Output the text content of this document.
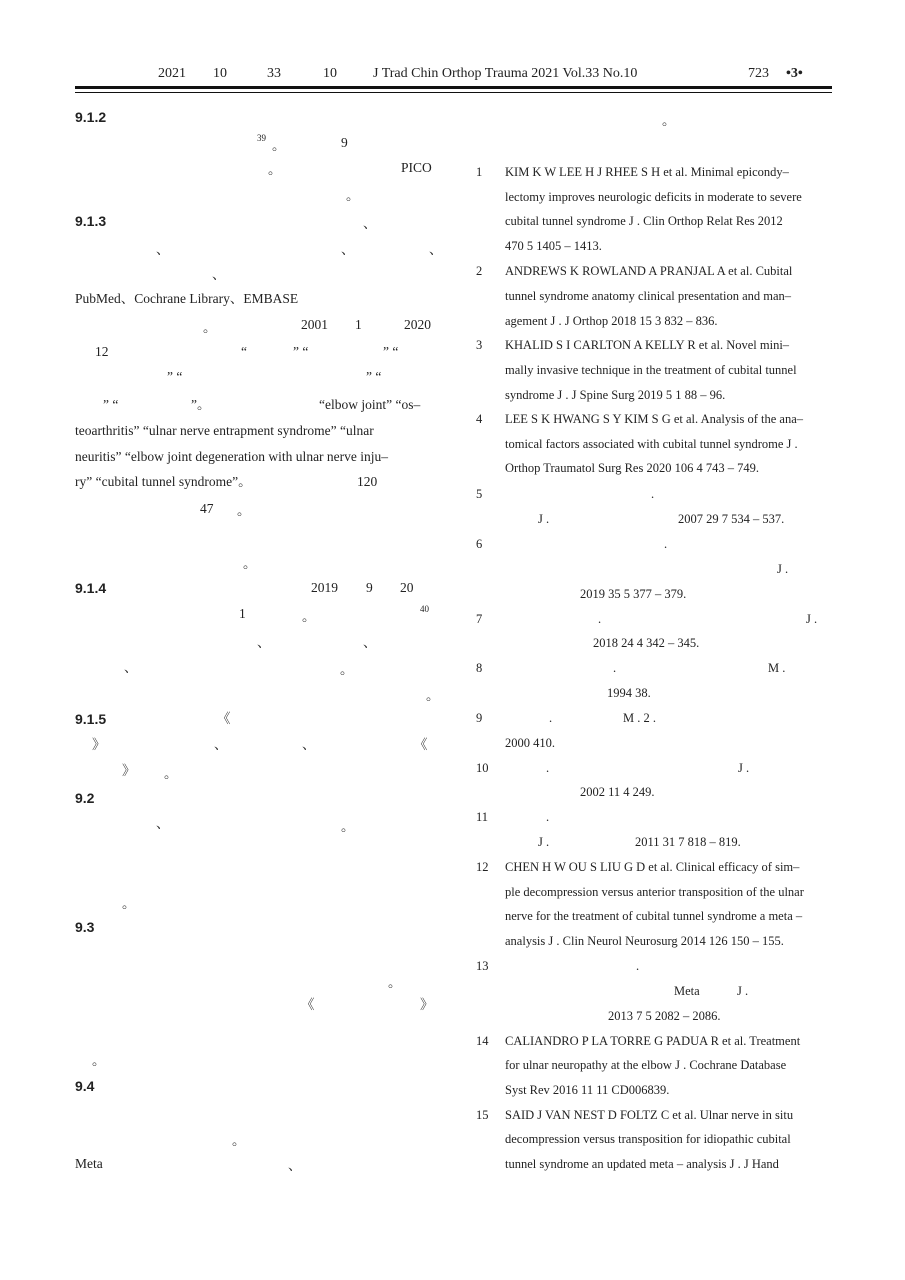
2021 10	33	10	J Trad Chin Orthop Trauma 2021 Vol.33 No.10	723 •3•
9.1.2
39 。	9
。	PICO
。
9.1.3	、
、	、	、
、
PubMed、Cochrane Library、EMBASE
。	2001 1	2020
12	“	” “	” “
” “	” “
” “	”。	“elbow joint” “os–
teoarthritis” “ulnar nerve entrapment syndrome” “ulnar
neuritis” “elbow joint degeneration with ulnar nerve inju–
ry” “cubital tunnel syndrome”。	120
47 。
。
9.1.4	2019 9 20
1	。	40
、	、
、	。
。
9.1.5	《
》	、	、	《
》 。
9.2
、	。
。
9.3
。
《	》
。
9.4
。
Meta	、
。
1 KIM K W LEE H J RHEE S H et al. Minimal epicondy–
lectomy improves neurologic deficits in moderate to severe
cubital tunnel syndrome J . Clin Orthop Relat Res 2012
470 5 1405 – 1413.
2 ANDREWS K ROWLAND A PRANJAL A et al. Cubital
tunnel syndrome anatomy clinical presentation and man–
agement J . J Orthop 2018 15 3 832 – 836.
3 KHALID S I CARLTON A KELLY R et al. Novel mini–
mally invasive technique in the treatment of cubital tunnel
syndrome J . J Spine Surg 2019 5 1 88 – 96.
4 LEE S K HWANG S Y KIM S G et al. Analysis of the ana–
tomical factors associated with cubital tunnel syndrome J .
Orthop Traumatol Surg Res 2020 106 4 743 – 749.
5	.
J .	2007 29 7 534 – 537.
6	.
J .
2019 35 5 377 – 379.
7	.	J .
2018 24 4 342 – 345.
8	.	M .
1994 38.
9	.	M . 2 .
2000 410.
10	.	J .
2002 11 4 249.
11	.
J .	2011 31 7 818 – 819.
12 CHEN H W OU S LIU G D et al. Clinical efficacy of sim–
ple decompression versus anterior transposition of the ulnar
nerve for the treatment of cubital tunnel syndrome a meta –
analysis J . Clin Neurol Neurosurg 2014 126 150 – 155.
13	.
Meta	J .
2013 7 5 2082 – 2086.
14 CALIANDRO P LA TORRE G PADUA R et al. Treatment
for ulnar neuropathy at the elbow J . Cochrane Database
Syst Rev 2016 11 11 CD006839.
15 SAID J VAN NEST D FOLTZ C et al. Ulnar nerve in situ
decompression versus transposition for idiopathic cubital
tunnel syndrome an updated meta – analysis J . J Hand
